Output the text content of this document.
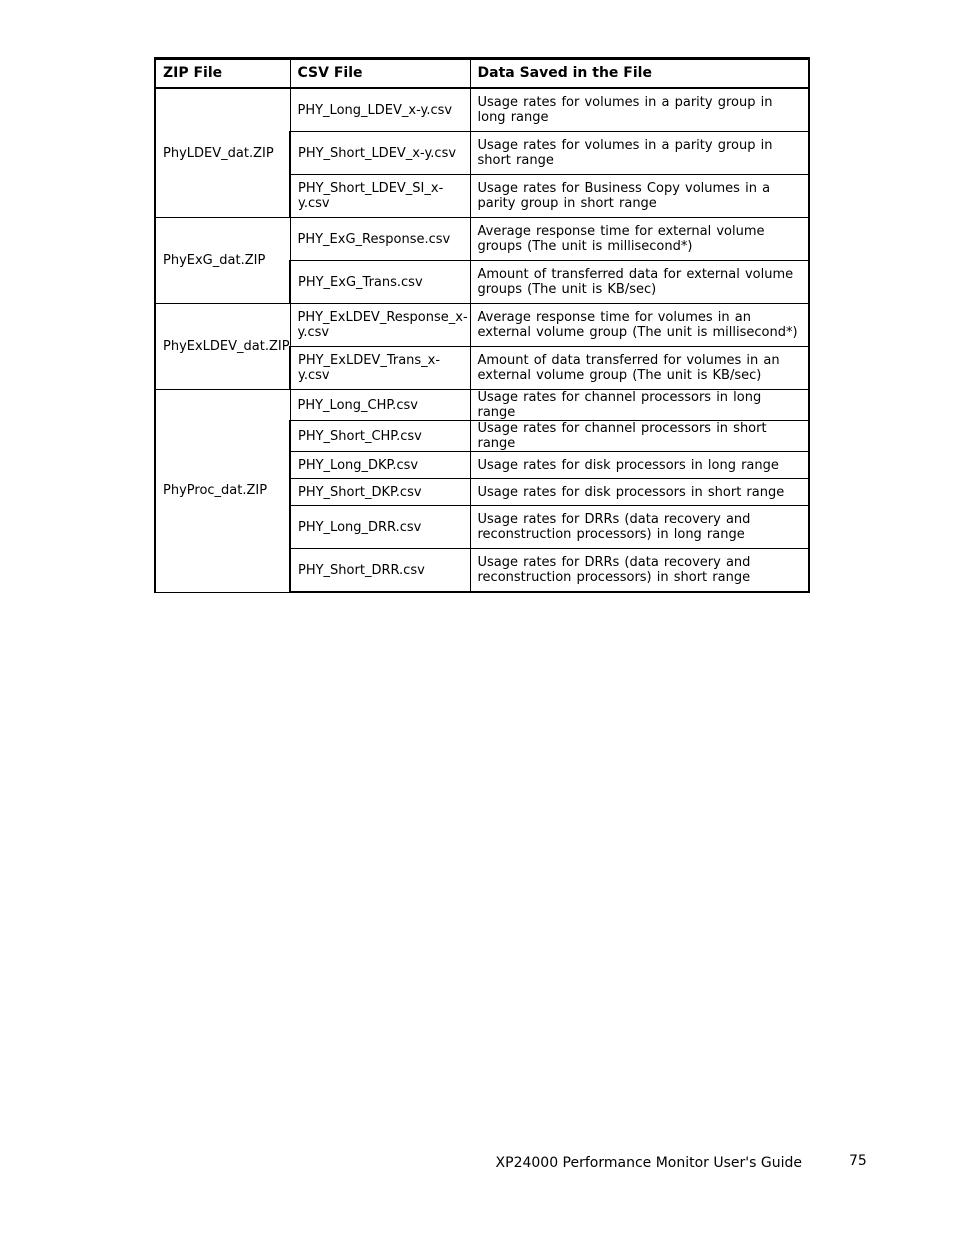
ZIP File	CSV File	Data Saved in the File
PhyLDEV_dat.ZIP	PHY_Long_LDEV_x-y.csv	Usage rates for volumes in a parity group in long range
	PHY_Short_LDEV_x-y.csv	Usage rates for volumes in a parity group in short range
	PHY_Short_LDEV_SI_x-y.csv	Usage rates for Business Copy volumes in a parity group in short range
PhyExG_dat.ZIP	PHY_ExG_Response.csv	Average response time for external volume groups (The unit is millisecond*)
	PHY_ExG_Trans.csv	Amount of transferred data for external volume groups (The unit is KB/sec)
PhyExLDEV_dat.ZIP	PHY_ExLDEV_Response_x-y.csv	Average response time for volumes in an external volume group (The unit is millisecond*)
	PHY_ExLDEV_Trans_x-y.csv	Amount of data transferred for volumes in an external volume group (The unit is KB/sec)
PhyProc_dat.ZIP	PHY_Long_CHP.csv	Usage rates for channel processors in long range
	PHY_Short_CHP.csv	Usage rates for channel processors in short range
	PHY_Long_DKP.csv	Usage rates for disk processors in long range
	PHY_Short_DKP.csv	Usage rates for disk processors in short range
	PHY_Long_DRR.csv	Usage rates for DRRs (data recovery and reconstruction processors) in long range
	PHY_Short_DRR.csv	Usage rates for DRRs (data recovery and reconstruction processors) in short range
XP24000 Performance Monitor User's Guide	75
